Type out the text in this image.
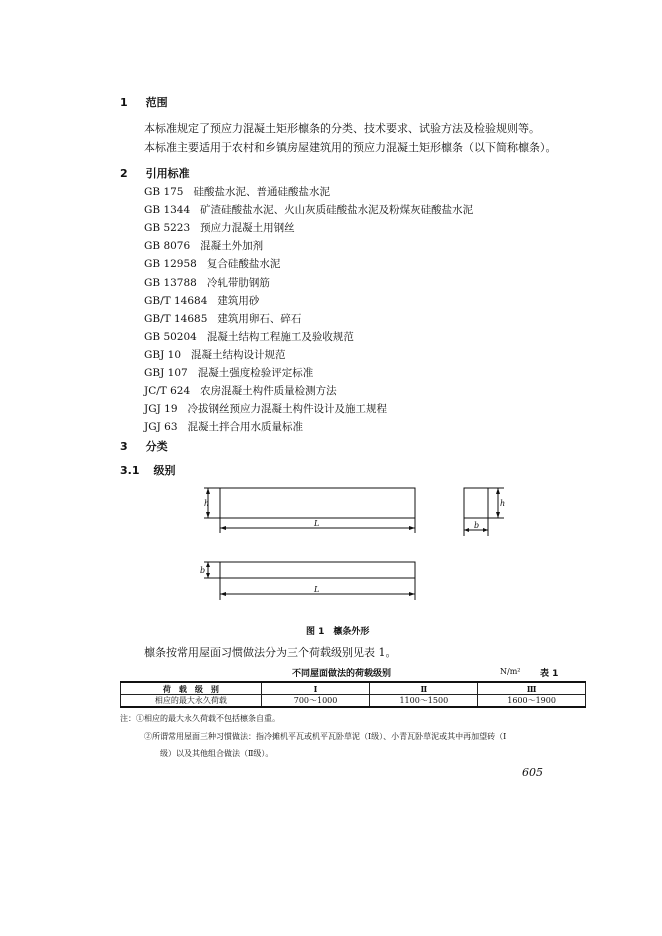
1 范围
本标准规定了预应力混凝土矩形檩条的分类、技术要求、试验方法及检验规则等。
本标准主要适用于农村和乡镇房屋建筑用的预应力混凝土矩形檩条（以下简称檩条）。
2 引用标准
GB 175 硅酸盐水泥、普通硅酸盐水泥
GB 1344 矿渣硅酸盐水泥、火山灰质硅酸盐水泥及粉煤灰硅酸盐水泥
GB 5223 预应力混凝土用钢丝
GB 8076 混凝土外加剂
GB 12958 复合硅酸盐水泥
GB 13788 冷轧带肋钢筋
GB/T 14684 建筑用砂
GB/T 14685 建筑用卵石、碎石
GB 50204 混凝土结构工程施工及验收规范
GBJ 10 混凝土结构设计规范
GBJ 107 混凝土强度检验评定标准
JC/T 624 农房混凝土构件质量检测方法
JGJ 19 冷拔钢丝预应力混凝土构件设计及施工规程
JGJ 63 混凝土拌合用水质量标准
3 分类
3.1 级别
h
L
h
b
b
L
图 1　檩条外形
檩条按常用屋面习惯做法分为三个荷载级别见表 1。
不同屋面做法的荷载级别	N/m² 表 1
荷　载　级　别	Ⅰ	Ⅱ	Ⅲ
相应的最大永久荷载	700～1000	1100～1500	1600～1900
注：①相应的最大永久荷载不包括檩条自重。
②所谓常用屋面三种习惯做法：指冷摊机平瓦或机平瓦卧草泥（Ⅰ级）、小青瓦卧草泥或其中再加望砖（Ⅰ
级）以及其他组合做法（Ⅱ级）。
605
